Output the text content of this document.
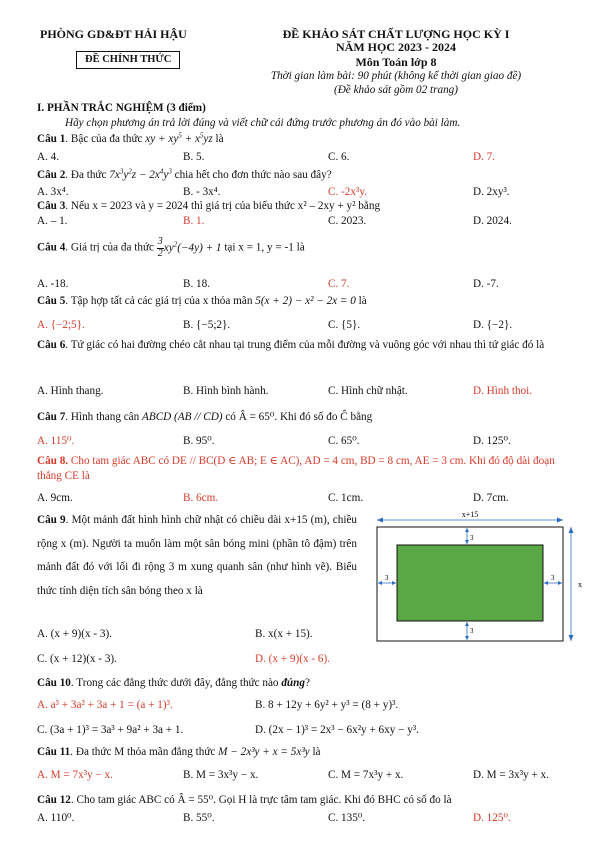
PHÒNG GD&ĐT HẢI HẬU
ĐỀ CHÍNH THỨC
ĐỀ KHẢO SÁT CHẤT LƯỢNG HỌC KỲ I
NĂM HỌC 2023 - 2024
Môn Toán lớp 8
Thời gian làm bài: 90 phút (không kể thời gian giao đề)
(Đề khảo sát gồm 02 trang)
I. PHẦN TRẮC NGHIỆM (3 điểm)
Hãy chọn phương án trả lời đúng và viết chữ cái đứng trước phương án đó vào bài làm.
Câu 1. Bậc của đa thức xy + $xy^5 + x^5yz$ là
A. 4.	B. 5.	C. 6.	D. 7.
Câu 2. Đa thức $7x^3y^2z - 2x^4y^3$ chia hết cho đơn thức nào sau đây?
A. 3x⁴.	B. - 3x⁴.	C. -2x³y.	D. 2xy³.
Câu 3. Nếu x = 2023 và y = 2024 thì giá trị của biểu thức x² – 2xy + y² bằng
A. – 1.	B. 1.	C. 2023.	D. 2024.
Câu 4. Giá trị của đa thức $\frac{3}{2} xy^2(-4y) + 1$ tại x = 1, y = -1 là
A. -18.	B. 18.	C. 7.	D. -7.
Câu 5. Tập hợp tất cả các giá trị của x thỏa mãn 5(x + 2) − x² − 2x = 0 là
A. {−2;5}.	B. {−5;2}.	C. {5}.	D. {−2}.
Câu 6. Tứ giác có hai đường chéo cắt nhau tại trung điểm của mỗi đường và vuông góc với nhau thì tứ giác đó là
A. Hình thang.	B. Hình bình hành.	C. Hình chữ nhật.	D. Hình thoi.
Câu 7. Hình thang cân ABCD (AB // CD) có Â = 65⁰. Khi đó số đo Ĉ bằng
A. 115⁰.	B. 95⁰.	C. 65⁰.	D. 125⁰.
Câu 8. Cho tam giác ABC có DE // BC(D ∈ AB; E ∈ AC), AD = 4 cm, BD = 8 cm, AE = 3 cm. Khi đó độ dài đoạn thẳng CE là
A. 9cm.	B. 6cm.	C. 1cm.	D. 7cm.
Câu 9. Một mảnh đất hình hình chữ nhật có chiều dài x+15 (m), chiều rộng x (m). Người ta muốn làm một sân bóng mini (phần tô đậm) trên mảnh đất đó với lối đi rộng 3 m xung quanh sân (như hình vẽ). Biểu thức tính diện tích sân bóng theo x là
x+15
x
3
3	3
3
A. (x + 9)(x - 3).	B. x(x + 15).
C. (x + 12)(x - 3).	D. (x + 9)(x - 6).
Câu 10. Trong các đẳng thức dưới đây, đẳng thức nào đúng?
A. a³ + 3a² + 3a + 1 = (a + 1)³.	B. 8 + 12y + 6y² + y³ = (8 + y)³.
C. (3a + 1)³ = 3a³ + 9a² + 3a + 1.	D. (2x − 1)³ = 2x³ − 6x²y + 6xy − y³.
Câu 11. Đa thức M thỏa mãn đẳng thức M − 2x³y + x = 5x³y là
A. M = 7x³y − x.	B. M = 3x³y − x.	C. M = 7x³y + x.	D. M = 3x³y + x.
Câu 12. Cho tam giác ABC có Â = 55⁰. Gọi H là trực tâm tam giác. Khi đó BHC có số đo là
A. 110⁰.	B. 55⁰.	C. 135⁰.	D. 125⁰.
